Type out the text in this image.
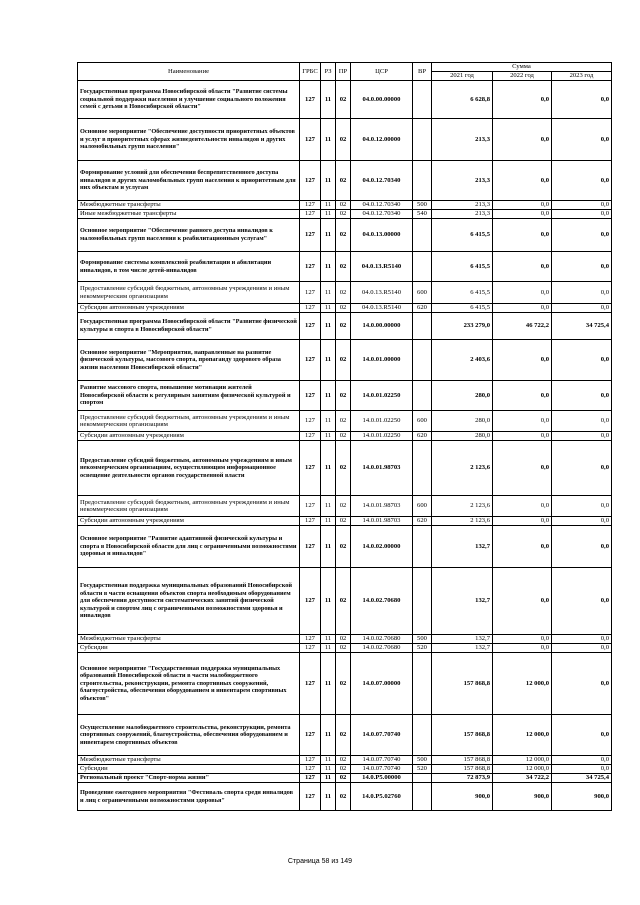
Наименование	ГРБС	РЗ	ПР	ЦСР	ВР	Сумма		
						2021 год	2022 год	2023 год
Государственная программа Новосибирской области "Развитие системы социальной поддержки населения и улучшение социального положения семей с детьми в Новосибирской области"	127	11	02	04.0.00.00000		6 628,8	0,0	0,0
Основное мероприятие "Обеспечение доступности приоритетных объектов и услуг в приоритетных сферах жизнедеятельности инвалидов и других маломобильных групп населения"	127	11	02	04.0.12.00000		213,3	0,0	0,0
Формирование условий для обеспечения беспрепятственного доступа инвалидов и других маломобильных групп населения к приоритетным для них объектам и услугам	127	11	02	04.0.12.70340		213,3	0,0	0,0
Межбюджетные трансферты	127	11	02	04.0.12.70340	500	213,3	0,0	0,0
Иные межбюджетные трансферты	127	11	02	04.0.12.70340	540	213,3	0,0	0,0
Основное мероприятие "Обеспечение равного доступа инвалидов к маломобильных групп населения к реабилитационным услугам"	127	11	02	04.0.13.00000		6 415,5	0,0	0,0
Формирование системы комплексной реабилитации и абилитации инвалидов, в том числе детей-инвалидов	127	11	02	04.0.13.R5140		6 415,5	0,0	0,0
Предоставление субсидий бюджетным, автономным учреждениям и иным некоммерческим организациям	127	11	02	04.0.13.R5140	600	6 415,5	0,0	0,0
Субсидии автономным учреждениям	127	11	02	04.0.13.R5140	620	6 415,5	0,0	0,0
Государственная программа Новосибирской области "Развитие физической культуры и спорта в Новосибирской области"	127	11	02	14.0.00.00000		233 279,0	46 722,2	34 725,4
Основное мероприятие "Мероприятия, направленные на развитие физической культуры, массового спорта, пропаганду здорового образа жизни населения Новосибирской области"	127	11	02	14.0.01.00000		2 403,6	0,0	0,0
Развитие массового спорта, повышение мотивации жителей Новосибирской области к регулярным занятиям физической культурой и спортом	127	11	02	14.0.01.02250		280,0	0,0	0,0
Предоставление субсидий бюджетным, автономным учреждениям и иным некоммерческим организациям	127	11	02	14.0.01.02250	600	280,0	0,0	0,0
Субсидии автономным учреждениям	127	11	02	14.0.01.02250	620	280,0	0,0	0,0
Предоставление субсидий бюджетным, автономным учреждениям и иным некоммерческим организациям, осуществляющим информационное освещение деятельности органов государственной власти	127	11	02	14.0.01.98703		2 123,6	0,0	0,0
Предоставление субсидий бюджетным, автономным учреждениям и иным некоммерческим организациям	127	11	02	14.0.01.98703	600	2 123,6	0,0	0,0
Субсидии автономным учреждениям	127	11	02	14.0.01.98703	620	2 123,6	0,0	0,0
Основное мероприятие "Развитие адаптивной физической культуры и спорта в Новосибирской области для лиц с ограниченными возможностями здоровья и инвалидов"	127	11	02	14.0.02.00000		132,7	0,0	0,0
Государственная поддержка муниципальных образований Новосибирской области в части оснащения объектов спорта необходимым оборудованием для обеспечения доступности систематических занятий физической культурой и спортом лиц с ограниченными возможностями здоровья и инвалидов	127	11	02	14.0.02.70680		132,7	0,0	0,0
Межбюджетные трансферты	127	11	02	14.0.02.70680	500	132,7	0,0	0,0
Субсидии	127	11	02	14.0.02.70680	520	132,7	0,0	0,0
Основное мероприятие "Государственная поддержка муниципальных образований Новосибирской области в части малобюджетного строительства, реконструкции, ремонта спортивных сооружений, благоустройства, обеспечения оборудованием и инвентарем спортивных объектов"	127	11	02	14.0.07.00000		157 868,8	12 000,0	0,0
Осуществление малобюджетного строительства, реконструкции, ремонта спортивных сооружений, благоустройства, обеспечения оборудованием и инвентарем спортивных объектов	127	11	02	14.0.07.70740		157 868,8	12 000,0	0,0
Межбюджетные трансферты	127	11	02	14.0.07.70740	500	157 868,8	12 000,0	0,0
Субсидии	127	11	02	14.0.07.70740	520	157 868,8	12 000,0	0,0
Региональный проект "Спорт-норма жизни"	127	11	02	14.0.P5.00000		72 873,9	34 722,2	34 725,4
Проведение ежегодного мероприятия "Фестиваль спорта среди инвалидов и лиц с ограниченными возможностями здоровья"	127	11	02	14.0.P5.02760		900,0	900,0	900,0
Страница 58 из 149
